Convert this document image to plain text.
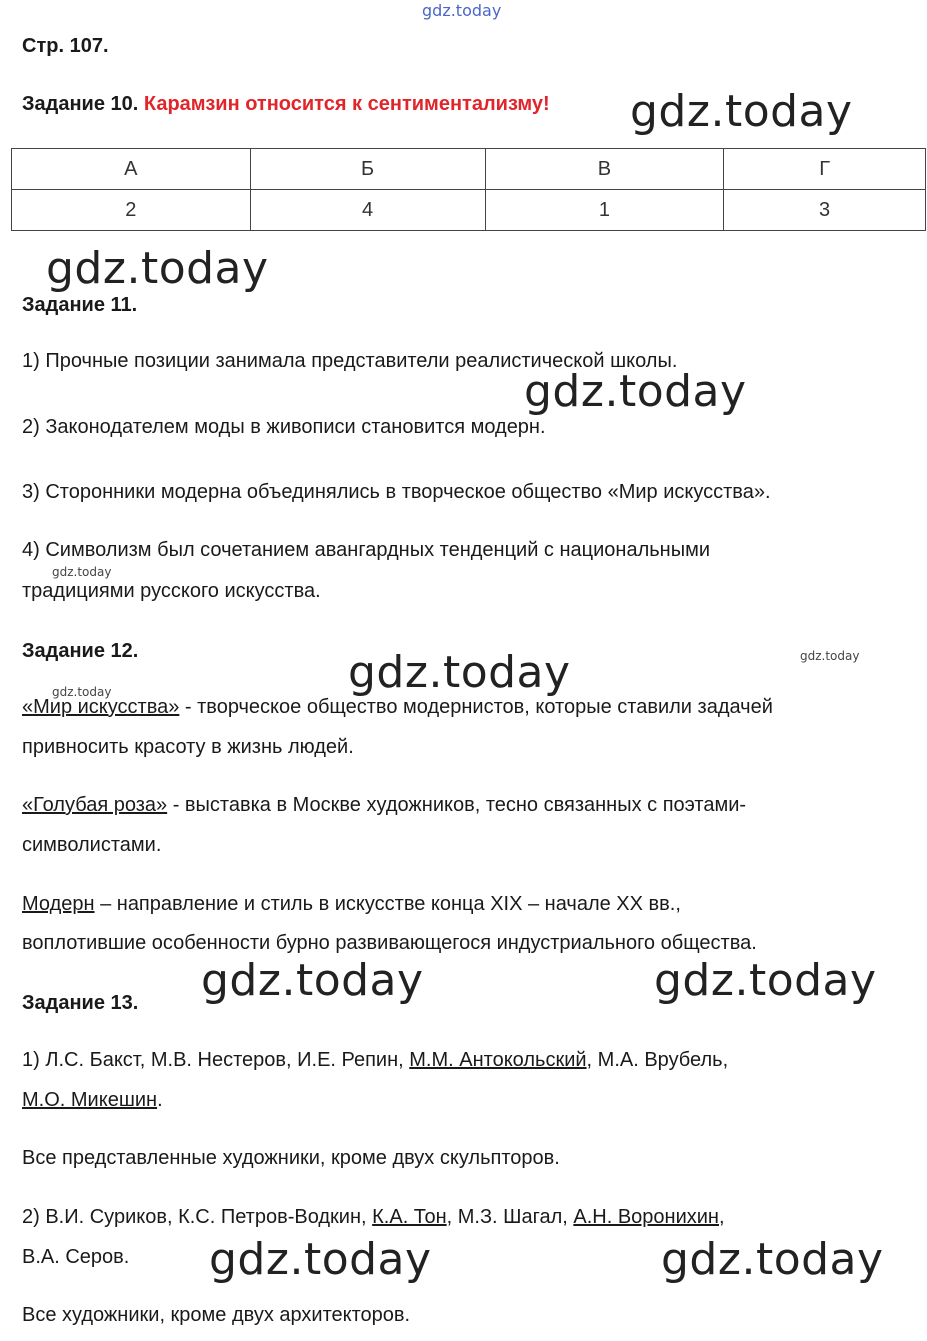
gdz.today
gdz.today
gdz.today
gdz.today
gdz.today
gdz.today	gdz.today
gdz.today
gdz.today	gdz.today
gdz.today	gdz.today
Стр. 107.
Задание 10. Карамзин относится к сентиментализму!
А	Б	В	Г
2	4	1	3
Задание 11.
1) Прочные позиции занимала представители реалистической школы.
2) Законодателем моды в живописи становится модерн.
3) Сторонники модерна объединялись в творческое общество «Мир искусства».
4) Символизм был сочетанием авангардных тенденций с национальными
традициями русского искусства.
Задание 12.
«Мир искусства» - творческое общество модернистов, которые ставили задачей
привносить красоту в жизнь людей.
«Голубая роза» - выставка в Москве художников, тесно связанных с поэтами-
символистами.
Модерн – направление и стиль в искусстве конца XIX – начале XX вв.,
воплотившие особенности бурно развивающегося индустриального общества.
Задание 13.
1) Л.С. Бакст, М.В. Нестеров, И.Е. Репин, М.М. Антокольский, М.А. Врубель,
М.О. Микешин.
Все представленные художники, кроме двух скульпторов.
2) В.И. Суриков, К.С. Петров-Водкин, К.А. Тон, М.З. Шагал, А.Н. Воронихин,
В.А. Серов.
Все художники, кроме двух архитекторов.
